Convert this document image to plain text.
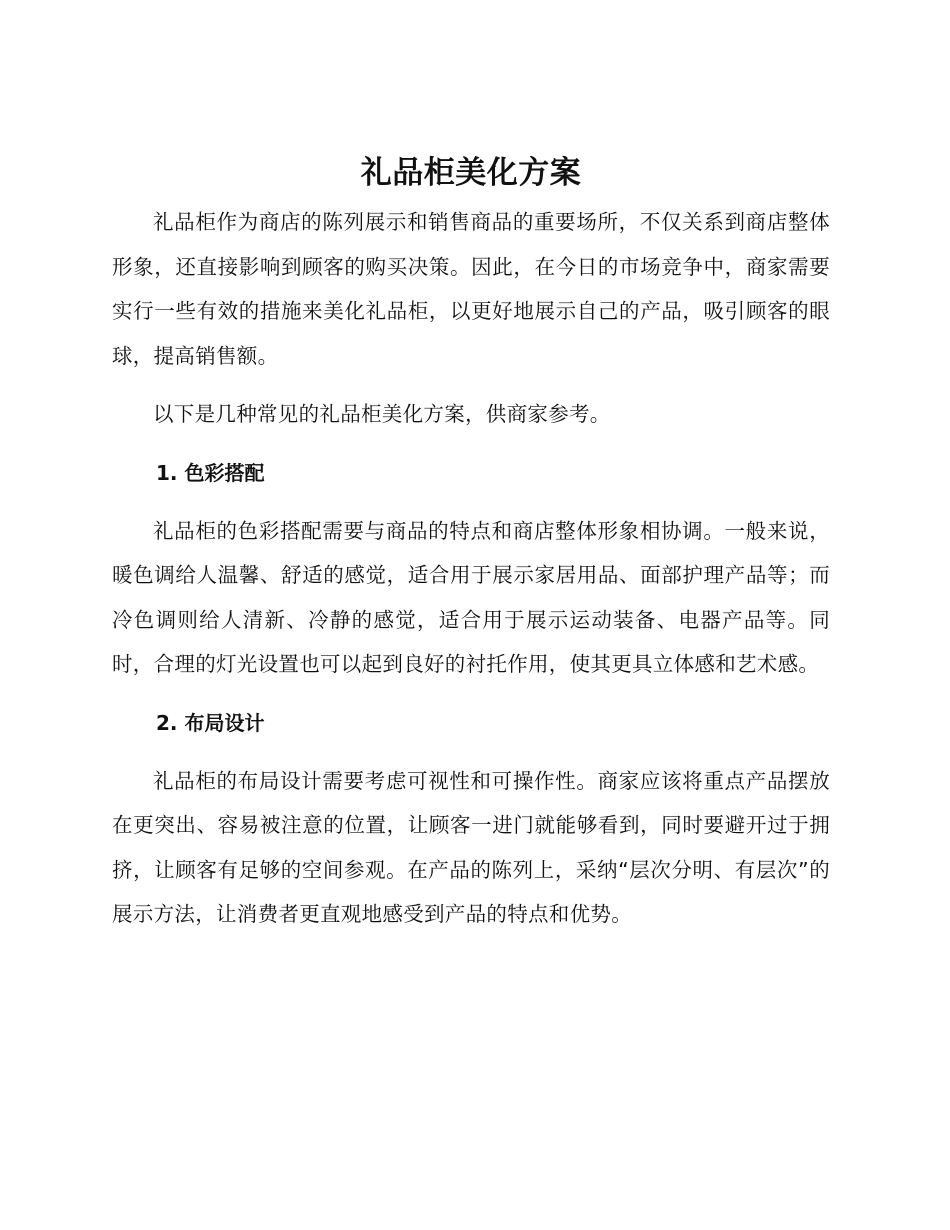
礼品柜美化方案

礼品柜作为商店的陈列展示和销售商品的重要场所，不仅关系到商店整体形象，还直接影响到顾客的购买决策。因此，在今日的市场竞争中，商家需要实行一些有效的措施来美化礼品柜，以更好地展示自己的产品，吸引顾客的眼球，提高销售额。

以下是几种常见的礼品柜美化方案，供商家参考。

1. 色彩搭配

礼品柜的色彩搭配需要与商品的特点和商店整体形象相协调。一般来说，暖色调给人温馨、舒适的感觉，适合用于展示家居用品、面部护理产品等；而冷色调则给人清新、冷静的感觉，适合用于展示运动装备、电器产品等。同时，合理的灯光设置也可以起到良好的衬托作用，使其更具立体感和艺术感。

2. 布局设计

礼品柜的布局设计需要考虑可视性和可操作性。商家应该将重点产品摆放在更突出、容易被注意的位置，让顾客一进门就能够看到，同时要避开过于拥挤，让顾客有足够的空间参观。在产品的陈列上，采纳“层次分明、有层次”的展示方法，让消费者更直观地感受到产品的特点和优势。
